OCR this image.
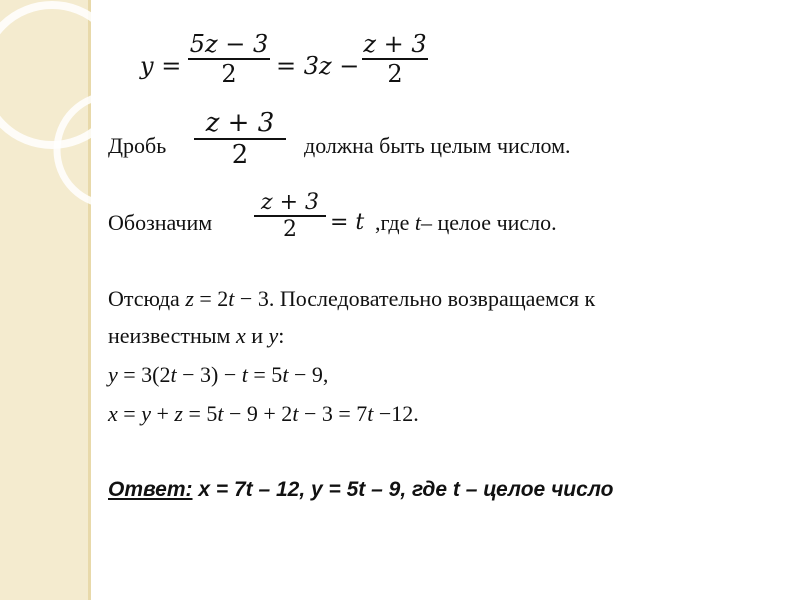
y =
5z − 3
2	= 3z −
z + 3
2
Дробь
z + 3
2	должна быть целым числом.
Обозначим
z + 3
2	= t ,где t– целое число.
Отсюда z = 2t − 3. Последовательно возвращаемся к
неизвестным x и y:
y = 3(2t − 3) − t = 5t − 9,
x = y + z = 5t − 9 + 2t − 3 = 7t −12.
Ответ: x = 7t – 12, y = 5t – 9, где t – целое число
